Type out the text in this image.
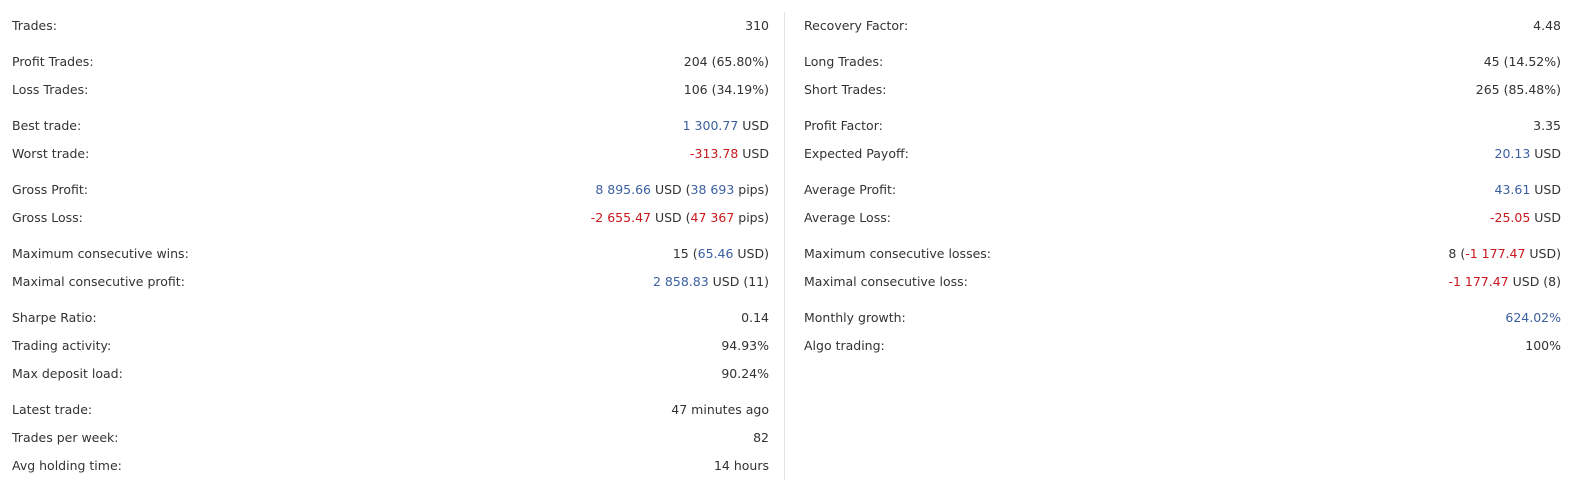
Trades:	310
Profit Trades:	204 (65.80%)
Loss Trades:	106 (34.19%)
Best trade:	1 300.77 USD
Worst trade:	-313.78 USD
Gross Profit:	8 895.66 USD (38 693 pips)
Gross Loss:	-2 655.47 USD (47 367 pips)
Maximum consecutive wins:	15 (65.46 USD)
Maximal consecutive profit:	2 858.83 USD (11)
Sharpe Ratio:	0.14
Trading activity:	94.93%
Max deposit load:	90.24%
Latest trade:	47 minutes ago
Trades per week:	82
Avg holding time:	14 hours
Recovery Factor:	4.48
Long Trades:	45 (14.52%)
Short Trades:	265 (85.48%)
Profit Factor:	3.35
Expected Payoff:	20.13 USD
Average Profit:	43.61 USD
Average Loss:	-25.05 USD
Maximum consecutive losses:	8 (-1 177.47 USD)
Maximal consecutive loss:	-1 177.47 USD (8)
Monthly growth:	624.02%
Algo trading:	100%
